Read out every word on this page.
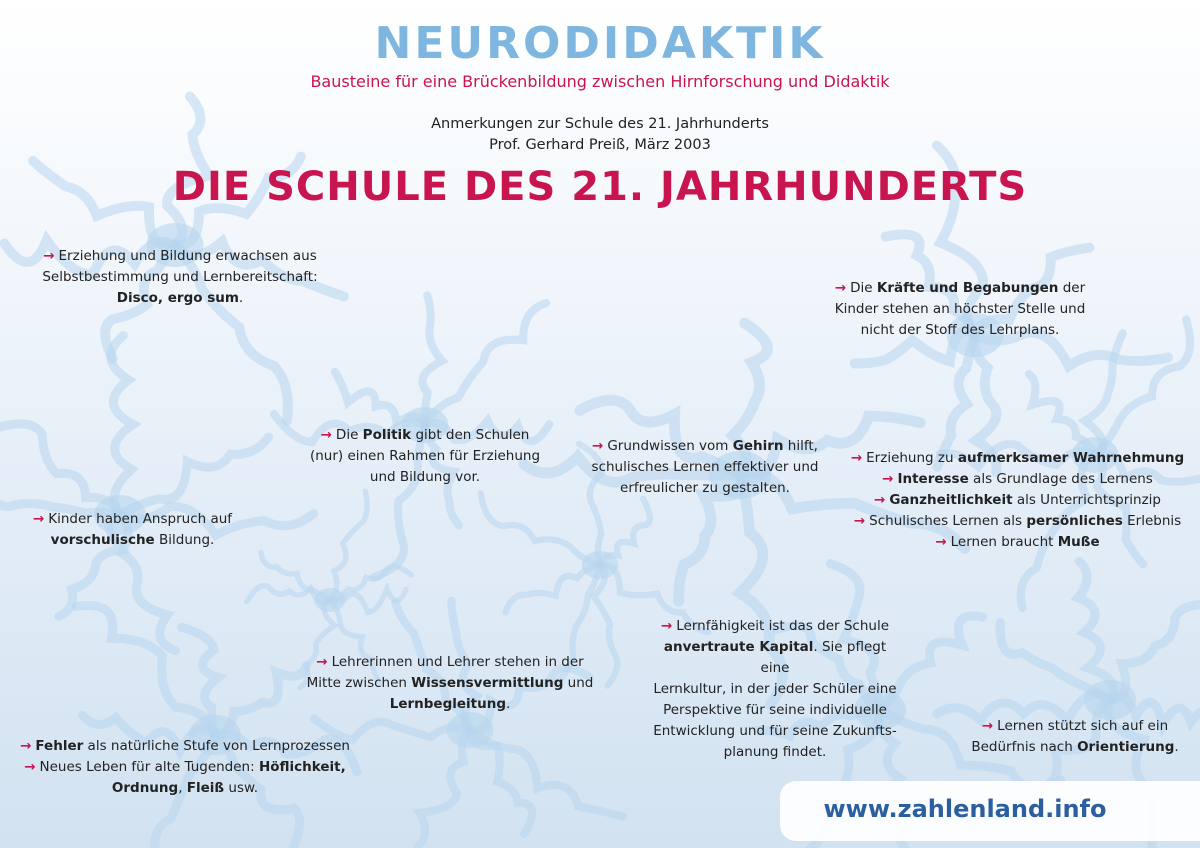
NEURODIDAKTIK
Bausteine für eine Brückenbildung zwischen Hirnforschung und Didaktik
Anmerkungen zur Schule des 21. Jahrhunderts
Prof. Gerhard Preiß, März 2003
DIE SCHULE DES 21. JAHRHUNDERTS
→ Erziehung und Bildung erwachsen aus
Selbstbestimmung und Lernbereitschaft:
Disco, ergo sum.
→ Die Kräfte und Begabungen der
Kinder stehen an höchster Stelle und
nicht der Stoff des Lehrplans.
→ Die Politik gibt den Schulen
(nur) einen Rahmen für Erziehung
und Bildung vor.
→ Grundwissen vom Gehirn hilft,
schulisches Lernen effektiver und
erfreulicher zu gestalten.
→ Erziehung zu aufmerksamer Wahrnehmung
→ Interesse als Grundlage des Lernens
→ Ganzheitlichkeit als Unterrichtsprinzip
→ Schulisches Lernen als persönliches Erlebnis
→ Lernen braucht Muße
→ Kinder haben Anspruch auf
vorschulische Bildung.
→ Lernfähigkeit ist das der Schule
anvertraute Kapital. Sie pflegt eine
Lernkultur, in der jeder Schüler eine
Perspektive für seine individuelle
Entwicklung und für seine Zukunfts-
planung findet.
→ Lehrerinnen und Lehrer stehen in der
Mitte zwischen Wissensvermittlung und
Lernbegleitung.
→ Lernen stützt sich auf ein
Bedürfnis nach Orientierung.
→ Fehler als natürliche Stufe von Lernprozessen
→ Neues Leben für alte Tugenden: Höflichkeit,
Ordnung, Fleiß usw.
www.zahlenland.info
